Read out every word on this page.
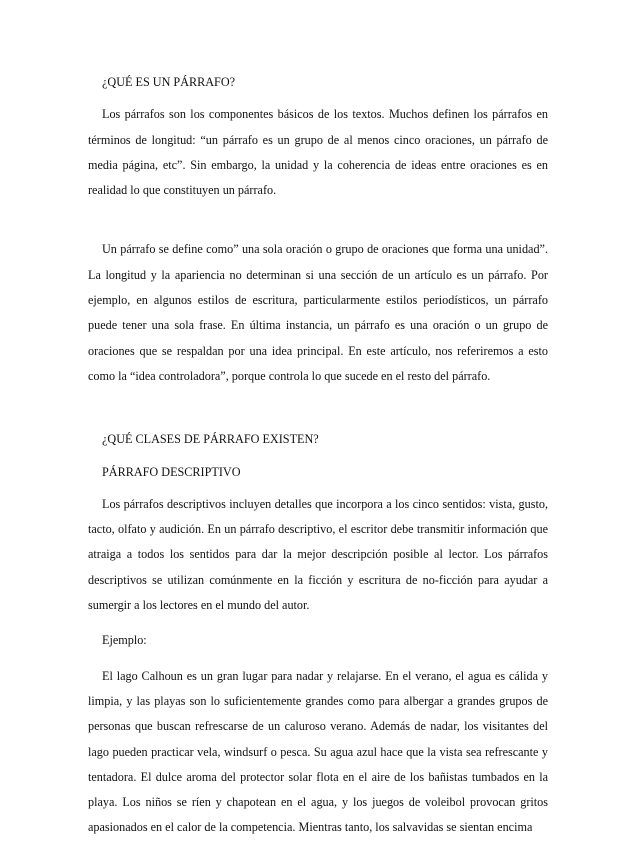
¿QUÉ ES UN PÁRRAFO?

Los párrafos son los componentes básicos de los textos. Muchos definen los párrafos en términos de longitud: “un párrafo es un grupo de al menos cinco oraciones, un párrafo de media página, etc”. Sin embargo, la unidad y la coherencia de ideas entre oraciones es en realidad lo que constituyen un párrafo.

Un párrafo se define como” una sola oración o grupo de oraciones que forma una unidad”. La longitud y la apariencia no determinan si una sección de un artículo es un párrafo. Por ejemplo, en algunos estilos de escritura, particularmente estilos periodísticos, un párrafo puede tener una sola frase. En última instancia, un párrafo es una oración o un grupo de oraciones que se respaldan por una idea principal. En este artículo, nos referiremos a esto como la “idea controladora”, porque controla lo que sucede en el resto del párrafo.

¿QUÉ CLASES DE PÁRRAFO EXISTEN?

PÁRRAFO DESCRIPTIVO

Los párrafos descriptivos incluyen detalles que incorpora a los cinco sentidos: vista, gusto, tacto, olfato y audición. En un párrafo descriptivo, el escritor debe transmitir información que atraiga a todos los sentidos para dar la mejor descripción posible al lector. Los párrafos descriptivos se utilizan comúnmente en la ficción y escritura de no-ficción para ayudar a sumergir a los lectores en el mundo del autor.

Ejemplo:

El lago Calhoun es un gran lugar para nadar y relajarse. En el verano, el agua es cálida y limpia, y las playas son lo suficientemente grandes como para albergar a grandes grupos de personas que buscan refrescarse de un caluroso verano. Además de nadar, los visitantes del lago pueden practicar vela, windsurf o pesca. Su agua azul hace que la vista sea refrescante y tentadora. El dulce aroma del protector solar flota en el aire de los bañistas tumbados en la playa. Los niños se ríen y chapotean en el agua, y los juegos de voleibol provocan gritos apasionados en el calor de la competencia. Mientras tanto, los salvavidas se sientan encima
